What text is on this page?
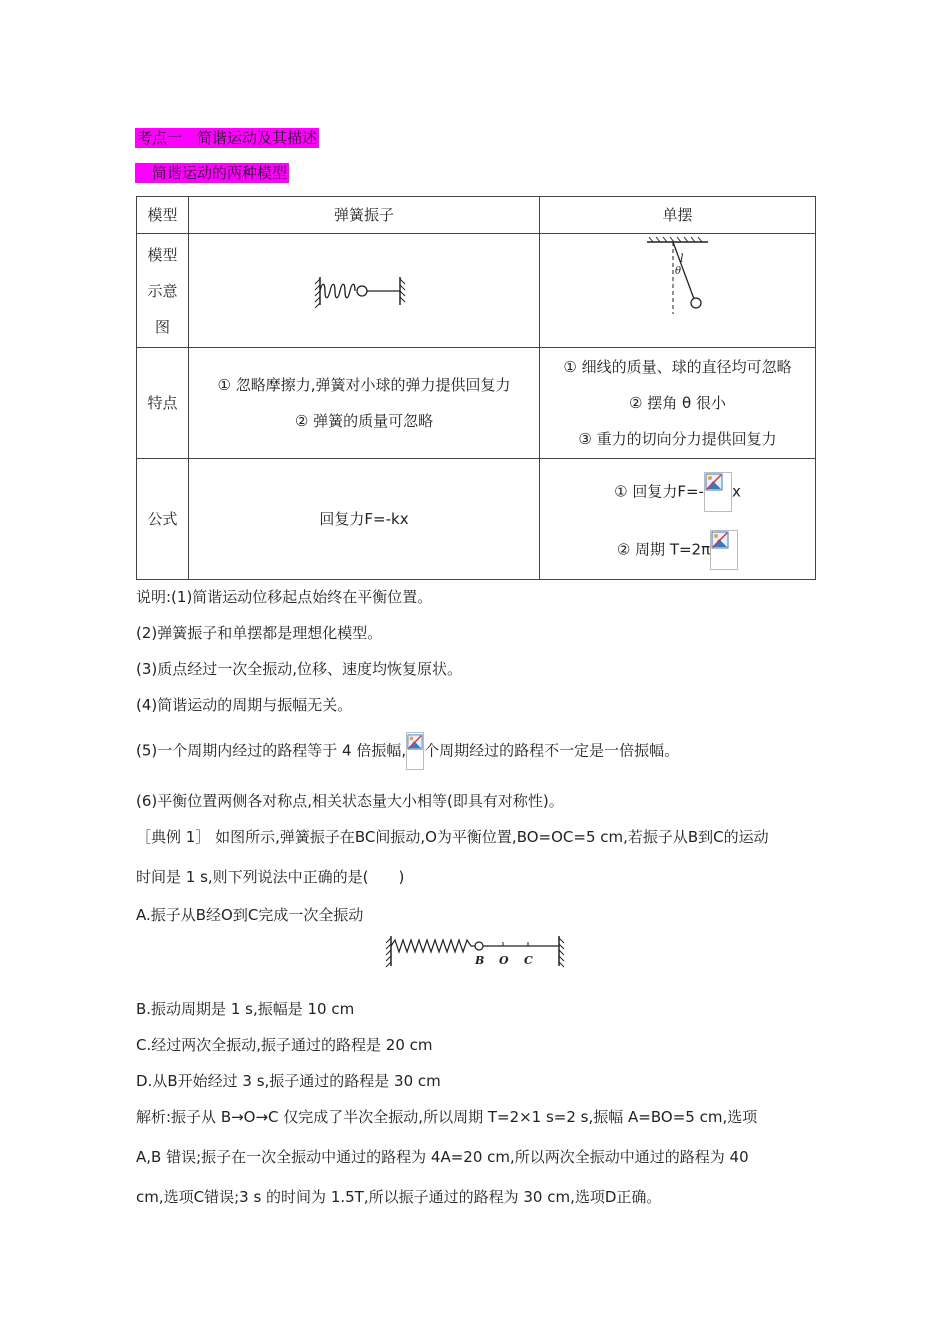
考点一　简谐运动及其描述
　简谐运动的两种模型
模型	弹簧振子	单摆

模型
示意
图		l
θ

特点	① 忽略摩擦力,弹簧对小球的弹力提供回复力
② 弹簧的质量可忽略	① 细线的质量、球的直径均可忽略
② 摆角 θ 很小
③ 重力的切向分力提供回复力

公式	回复力F=-kx	① 回复力F=- x
② 周期 T=2π
说明:(1)简谐运动位移起点始终在平衡位置。
(2)弹簧振子和单摆都是理想化模型。
(3)质点经过一次全振动,位移、速度均恢复原状。
(4)简谐运动的周期与振幅无关。
(5)一个周期内经过的路程等于 4 倍振幅, 个周期经过的路程不一定是一倍振幅。
(6)平衡位置两侧各对称点,相关状态量大小相等(即具有对称性)。
［典例 1］ 如图所示,弹簧振子在BC间振动,O为平衡位置,BO=OC=5 cm,若振子从B到C的运动
时间是 1 s,则下列说法中正确的是(　　)
A.振子从B经O到C完成一次全振动
B O C
B.振动周期是 1 s,振幅是 10 cm
C.经过两次全振动,振子通过的路程是 20 cm
D.从B开始经过 3 s,振子通过的路程是 30 cm
解析:振子从 B→O→C 仅完成了半次全振动,所以周期 T=2×1 s=2 s,振幅 A=BO=5 cm,选项
A,B 错误;振子在一次全振动中通过的路程为 4A=20 cm,所以两次全振动中通过的路程为 40
cm,选项C错误;3 s 的时间为 1.5T,所以振子通过的路程为 30 cm,选项D正确。
